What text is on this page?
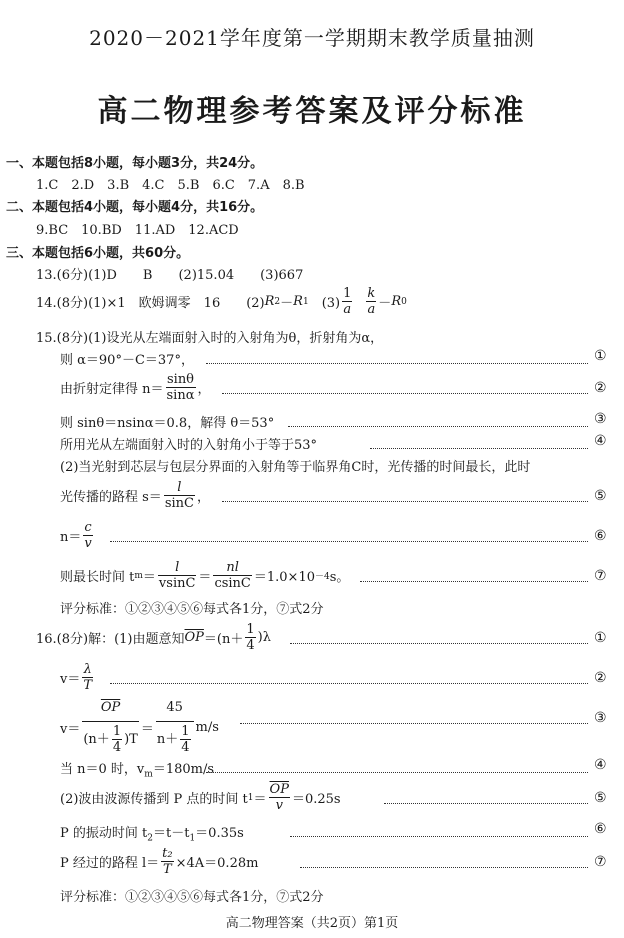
2020－2021学年度第一学期期末教学质量抽测
高二物理参考答案及评分标准
一、本题包括8小题，每小题3分，共24分。
1.C　2.D　3.B　4.C　5.B　6.C　7.A　8.B
二、本题包括4小题，每小题4分，共16分。
9.BC　10.BD　11.AD　12.ACD
三、本题包括6小题，共60分。
13.(6分)(1)D　　B　　(2)15.04　　(3)667
14.(8分)(1)×1　欧姆调零　16　　(2) R 2 － R 1 　$(3) \frac{1}{a} \frac{k}{a} - R$ 0
15.(8分)(1)设光从左端面射入时的入射角为θ，折射角为α，
则 α＝90°－C＝37°，	①
由折射定律得 $n= \frac{\sin\theta}{\sin\alpha}$ ，	②
则 sinθ＝nsinα＝0.8，解得 θ＝53°	③
所用光从左端面射入时的入射角小于等于53°	④
(2)当光射到芯层与包层分界面的入射角等于临界角C时，光传播的时间最长，此时
光传播的路程 $s= \frac{l}{\sin C}$ ，	⑤
$n= \frac{c}{v}$	⑥
则最长时间 t $m = \frac{l}{vsinC} = \frac{nl}{csinC} =1.0\times 10 -4$ s。	⑦
评分标准：①②③④⑤⑥每式各1分，⑦式2分
16.(8分)解：(1)由题意知 $\overline{OP} =(n+ \frac{1}{4} )\lambda$	①
$v= \frac{\lambda}{T}$	②
$v= \frac{\overline{OP}}{(n+ \frac{1}{4} )T} = \frac{45}{n+ \frac{1}{4}} m/s$
③
当 n＝0 时，$v_m=180m/s$	④
(2)波由波源传播到 P 点的时间 t $1 = \frac{\overline{OP}}{v} =0.25s$	⑤
P 的振动时间 $t_2=t-t_1=0.35s$	⑥
P 经过的路程 $l= \frac{\text{t₂}}{T} \times 4A=0.28m$	⑦
评分标准：①②③④⑤⑥每式各1分，⑦式2分
高二物理答案（共2页）第1页
